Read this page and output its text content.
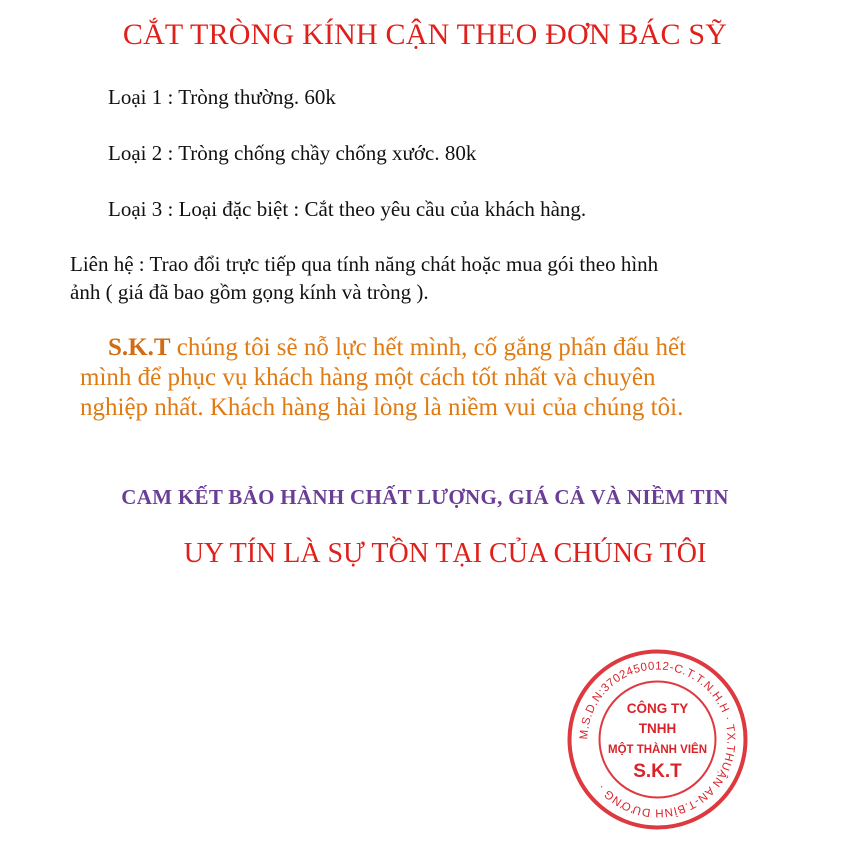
CẮT TRÒNG KÍNH CẬN THEO ĐƠN BÁC SỸ
Loại 1 : Tròng thường. 60k
Loại 2 : Tròng chống chầy chống xước. 80k
Loại 3 : Loại đặc biệt : Cắt theo yêu cầu của khách hàng.
Liên hệ : Trao đổi trực tiếp qua tính năng chát hoặc mua gói theo hình
ảnh ( giá đã bao gồm gọng kính và tròng ).
S.K.T chúng tôi sẽ nỗ lực hết mình, cố gắng phấn đấu hết
mình để phục vụ khách hàng một cách tốt nhất và chuyên
nghiệp nhất. Khách hàng hài lòng là niềm vui của chúng tôi.
CAM KẾT BẢO HÀNH CHẤT LƯỢNG, GIÁ CẢ VÀ NIỀM TIN
UY TÍN LÀ SỰ TỒN TẠI CỦA CHÚNG TÔI
M.S.D.N:3702450012-C.T.T.N.H.H · TX.THUẬN AN-T.BÌNH DƯƠNG ·
CÔNG TY
TNHH
MỘT THÀNH VIÊN
S.K.T
